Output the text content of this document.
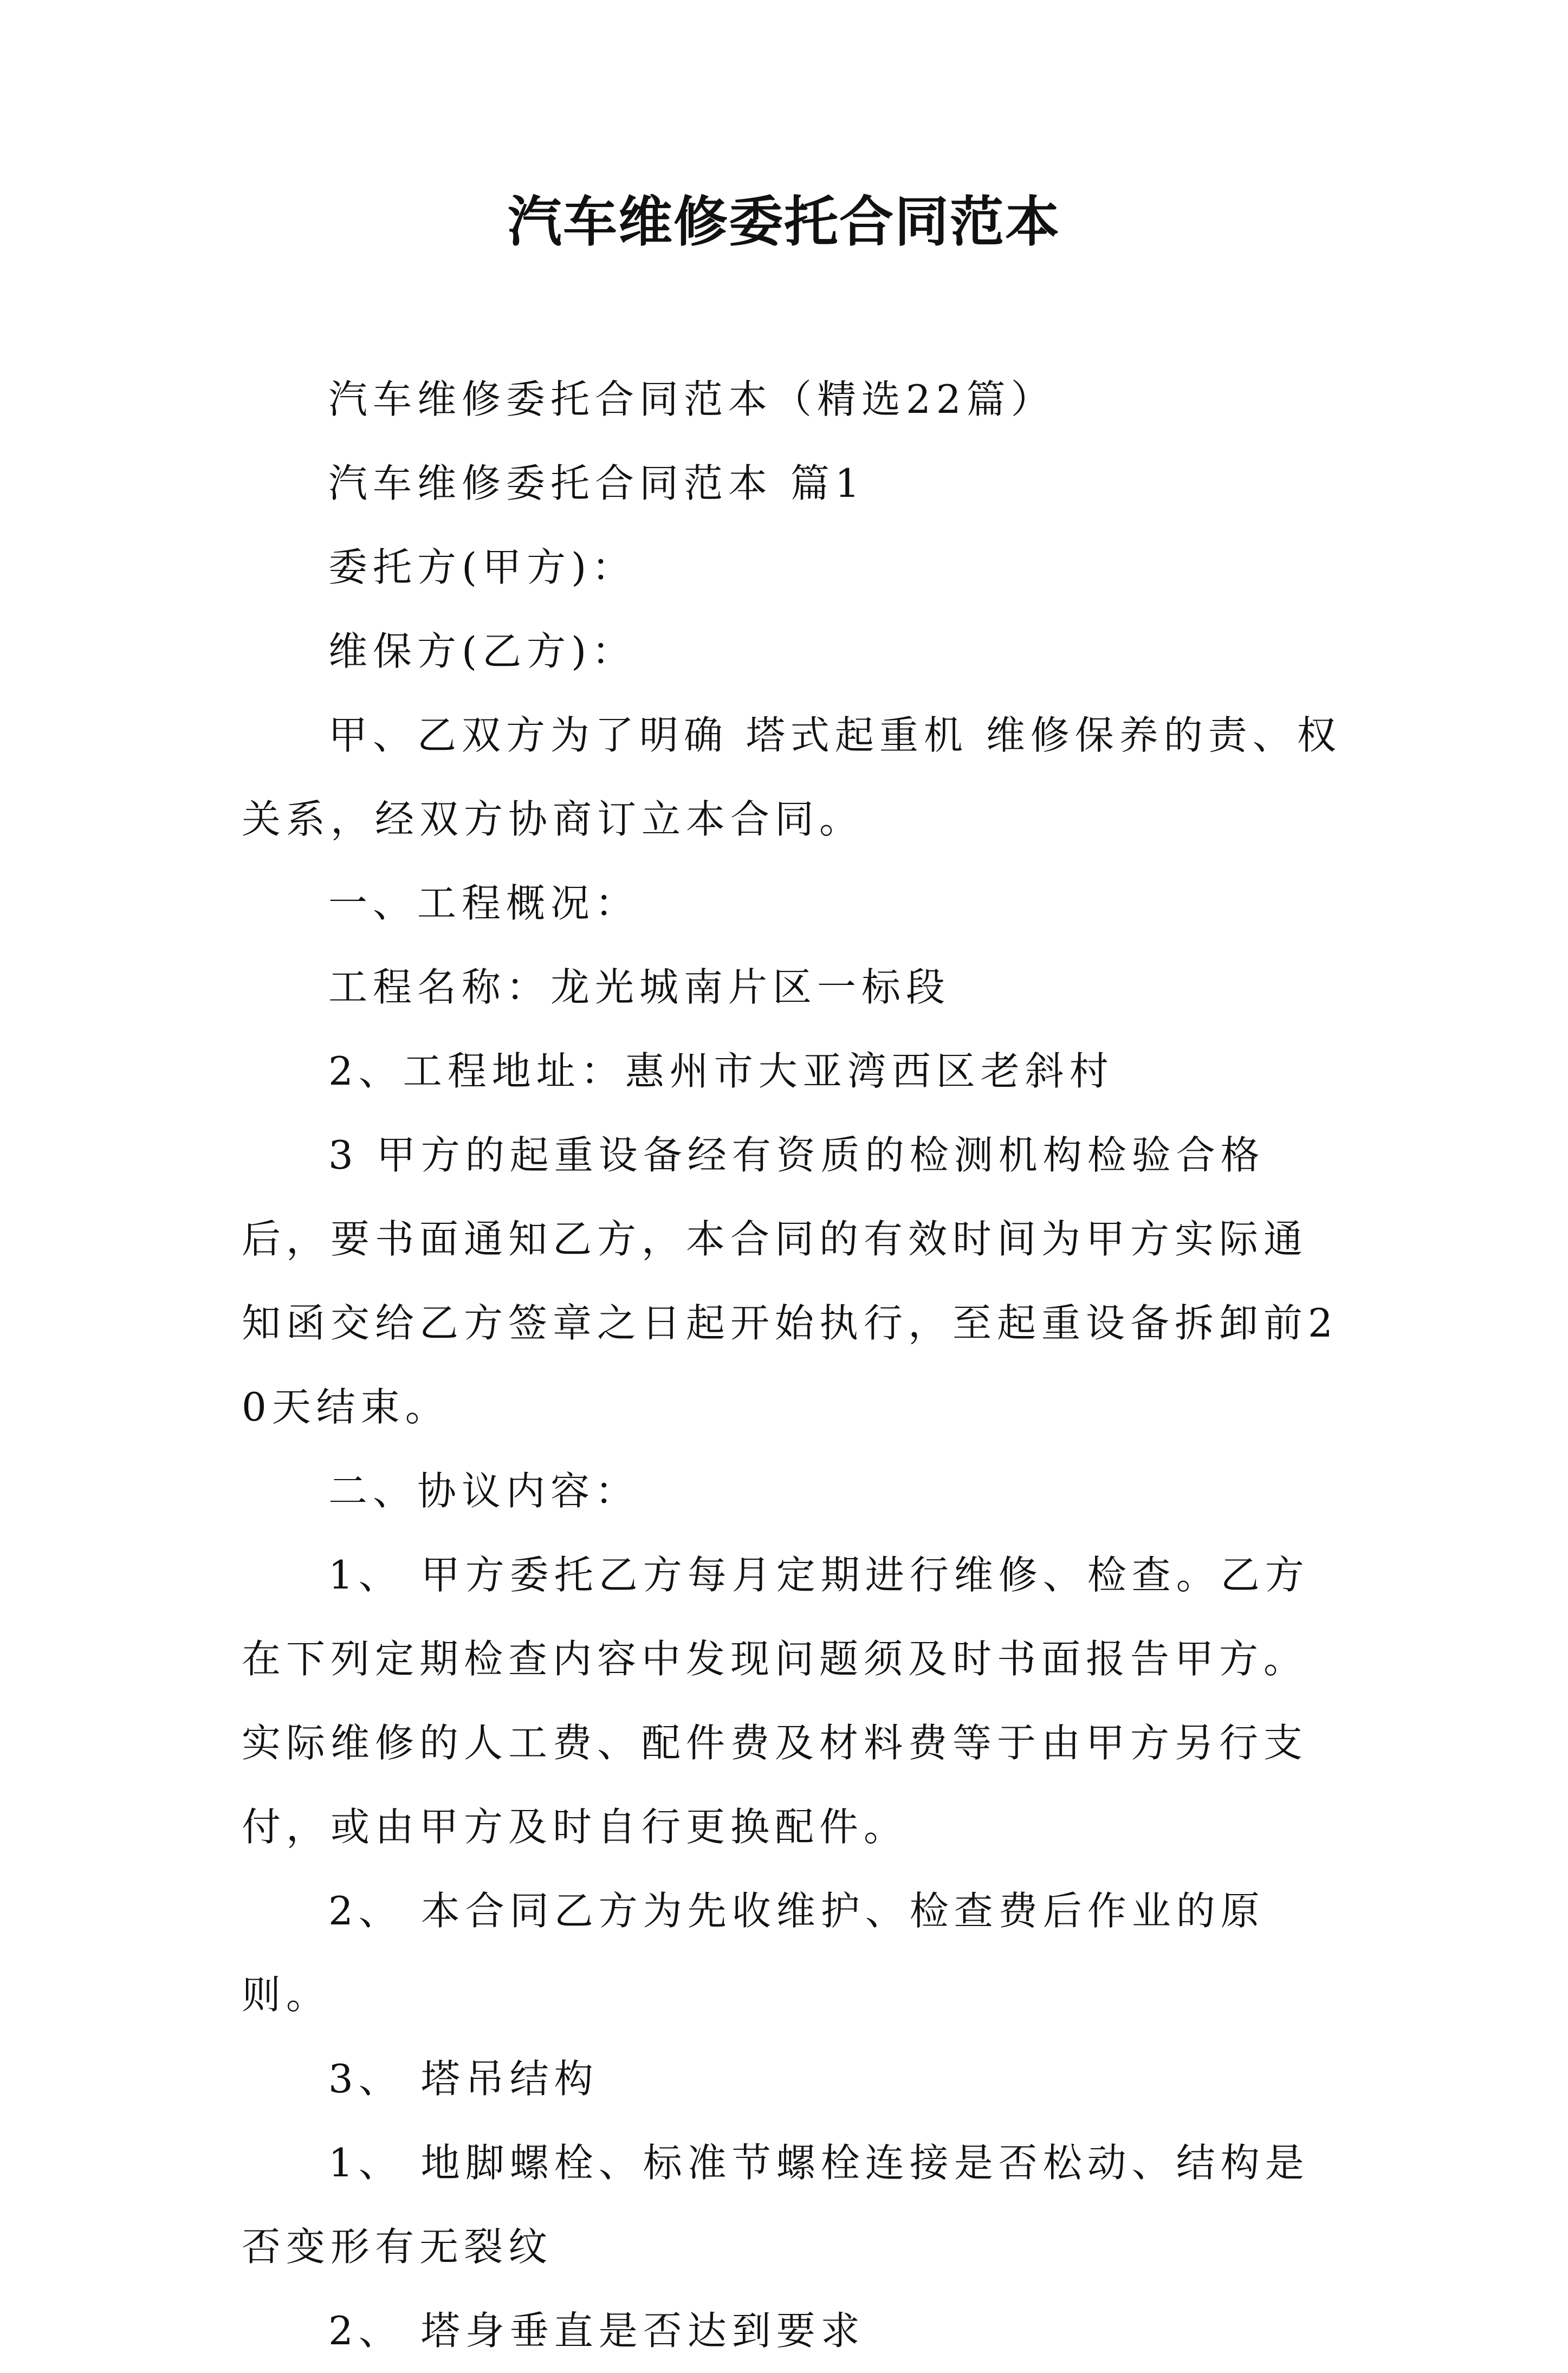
汽车维修委托合同范本

汽车维修委托合同范本（精选22篇）

汽车维修委托合同范本 篇1

委托方(甲方)：

维保方(乙方)：

甲、乙双方为了明确 塔式起重机 维修保养的责、权关系，经双方协商订立本合同。

一、工程概况：

工程名称：龙光城南片区一标段

2、工程地址：惠州市大亚湾西区老斜村

3 甲方的起重设备经有资质的检测机构检验合格后，要书面通知乙方，本合同的有效时间为甲方实际通知函交给乙方签章之日起开始执行，至起重设备拆卸前20天结束。

二、协议内容：

1、 甲方委托乙方每月定期进行维修、检查。乙方在下列定期检查内容中发现问题须及时书面报告甲方。实际维修的人工费、配件费及材料费等于由甲方另行支付，或由甲方及时自行更换配件。

2、 本合同乙方为先收维护、检查费后作业的原则。

3、 塔吊结构

1、 地脚螺栓、标准节螺栓连接是否松动、结构是否变形有无裂纹

2、 塔身垂直是否达到要求
